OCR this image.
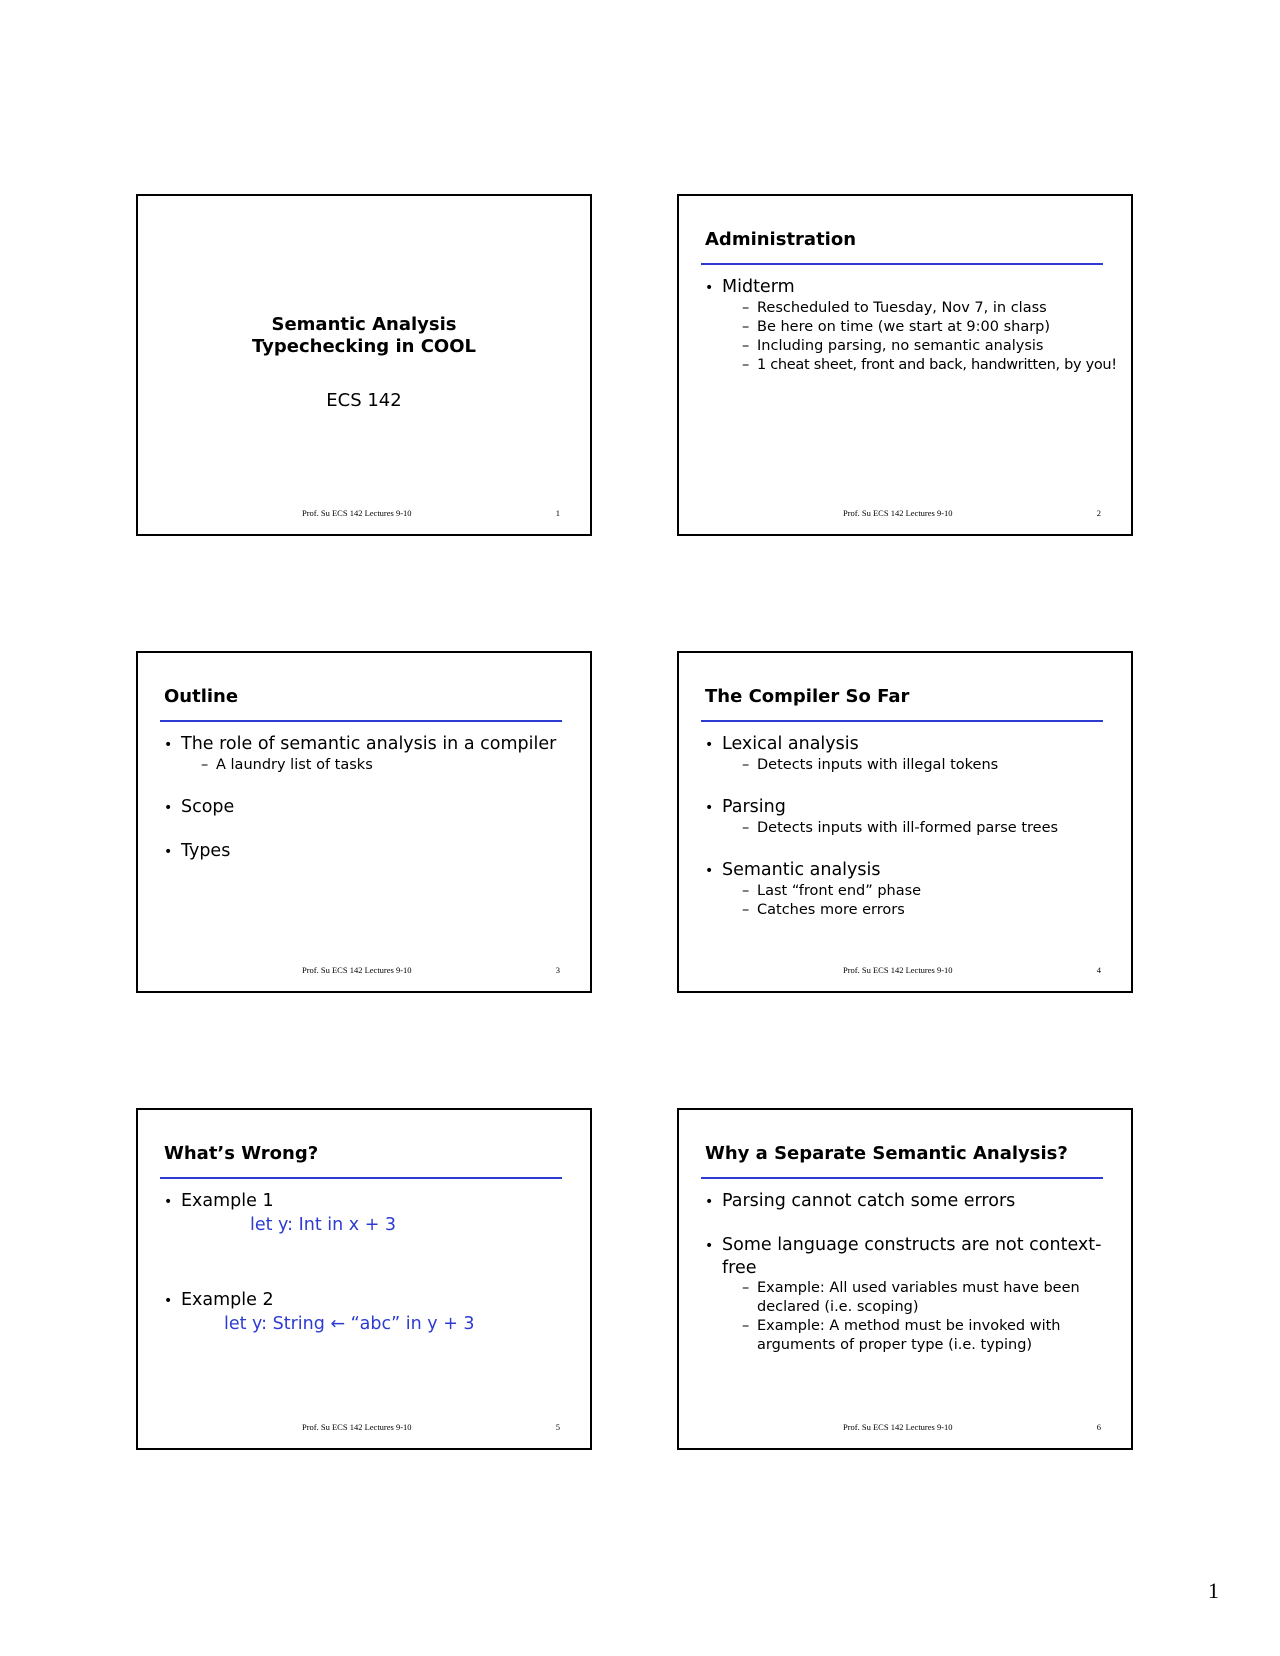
Semantic Analysis
Typechecking in COOL
ECS 142
Prof. Su ECS 142 Lectures 9-10	1
Administration
• Midterm
– Rescheduled to Tuesday, Nov 7, in class
– Be here on time (we start at 9:00 sharp)
– Including parsing, no semantic analysis
– 1 cheat sheet, front and back, handwritten, by you!
Prof. Su ECS 142 Lectures 9-10	2
Outline
• The role of semantic analysis in a compiler
– A laundry list of tasks
• Scope
• Types
Prof. Su ECS 142 Lectures 9-10	3
The Compiler So Far
• Lexical analysis
– Detects inputs with illegal tokens
• Parsing
– Detects inputs with ill-formed parse trees
• Semantic analysis
– Last “front end” phase
– Catches more errors
Prof. Su ECS 142 Lectures 9-10	4
What’s Wrong?
• Example 1
let y: Int in x + 3
• Example 2
let y: String ← “abc” in y + 3
Prof. Su ECS 142 Lectures 9-10	5
Why a Separate Semantic Analysis?
• Parsing cannot catch some errors
• Some language constructs are not context-free
– Example: All used variables must have been declared (i.e. scoping)
– Example: A method must be invoked with arguments of proper type (i.e. typing)
Prof. Su ECS 142 Lectures 9-10	6
1
